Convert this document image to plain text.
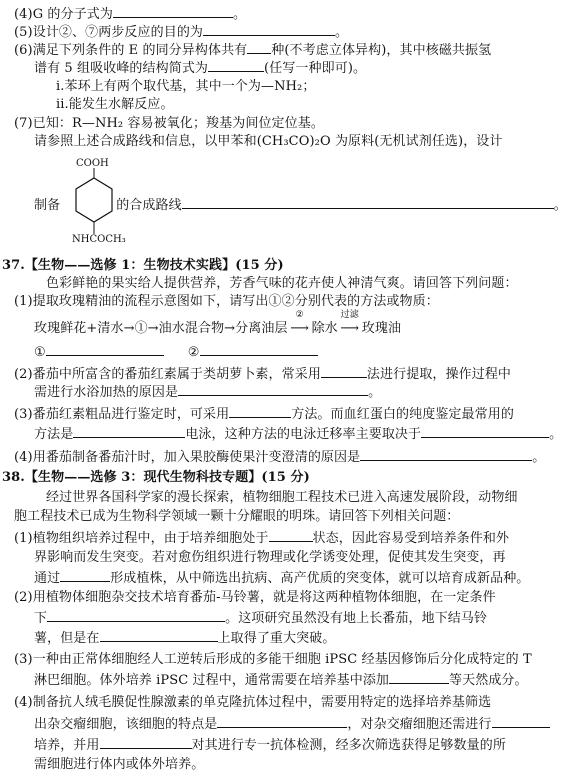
(4)G 的分子式为	。
(5)设计②、⑦两步反应的目的为	。
(6)满足下列条件的 E 的同分异构体共有 种(不考虑立体异构)，其中核磁共振氢
谱有 5 组吸收峰的结构简式为	(任写一种即可)。
i.苯环上有两个取代基，其中一个为—NH₂；
ii.能发生水解反应。
(7)已知：R—NH₂ 容易被氧化；羧基为间位定位基。
请参照上述合成路线和信息，以甲苯和(CH₃CO)₂O 为原料(无机试剂任选)，设计
COOH
制备	的合成路线	。
NHCOCH₃
37.【生物——选修 1：生物技术实践】(15 分)
色彩鲜艳的果实给人提供营养，芳香气味的花卉使人神清气爽。请回答下列问题：
(1)提取玫瑰精油的流程示意图如下，请写出①②分别代表的方法或物质：
玫瑰鲜花+清水→①→油水混合物→分离油层
②
⟶ 除水
过滤
⟶ 玫瑰油
①	②
(2)番茄中所富含的番茄红素属于类胡萝卜素，常采用	法进行提取，操作过程中
需进行水浴加热的原因是	。
(3)番茄红素粗品进行鉴定时，可采用	方法。而血红蛋白的纯度鉴定最常用的
方法是	电泳，这种方法的电泳迁移率主要取决于	。
(4)用番茄制备番茄汁时，加入果胶酶使果汁变澄清的原因是	。
38.【生物——选修 3：现代生物科技专题】(15 分)
经过世界各国科学家的漫长探索，植物细胞工程技术已进入高速发展阶段，动物细
胞工程技术已成为生物科学领域一颗十分耀眼的明珠。请回答下列相关问题：
(1)植物组织培养过程中，由于培养细胞处于	状态，因此容易受到培养条件和外
界影响而发生突变。若对愈伤组织进行物理或化学诱变处理，促使其发生突变，再
通过	形成植株，从中筛选出抗病、高产优质的突变体，就可以培育成新品种。
(2)用植物体细胞杂交技术培育番茄-马铃薯，就是将这两种植物体细胞，在一定条件
下	。这项研究虽然没有地上长番茄，地下结马铃
薯，但是在	上取得了重大突破。
(3)一种由正常体细胞经人工逆转后形成的多能干细胞 iPSC 经基因修饰后分化成特定的 T
淋巴细胞。体外培养 iPSC 过程中，通常需要在培养基中添加	等天然成分。
(4)制备抗人绒毛膜促性腺激素的单克隆抗体过程中，需要用特定的选择培养基筛选
出杂交瘤细胞，该细胞的特点是	，对杂交瘤细胞还需进行
培养，并用	对其进行专一抗体检测，经多次筛选获得足够数量的所
需细胞进行体内或体外培养。
